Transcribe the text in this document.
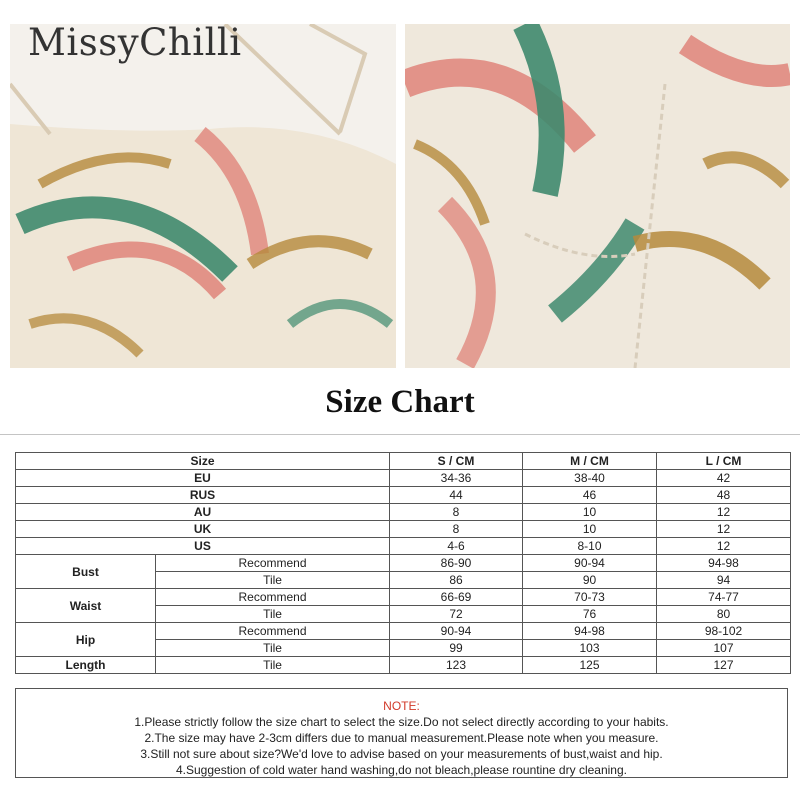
MissyChilli
Size Chart
Size		S / CM	M / CM	L / CM
EU		34-36	38-40	42
RUS		44	46	48
AU		8	10	12
UK		8	10	12
US		4-6	8-10	12
Bust	Recommend	86-90	90-94	94-98
	Tile	86	90	94
Waist	Recommend	66-69	70-73	74-77
	Tile	72	76	80
Hip	Recommend	90-94	94-98	98-102
	Tile	99	103	107
Length	Tile	123	125	127
NOTE:
1.Please strictly follow the size chart to select the size.Do not select directly according to your habits.
2.The size may have 2-3cm differs due to manual measurement.Please note when you measure.
3.Still not sure about size?We'd love to advise based on your measurements of bust,waist and hip.
4.Suggestion of cold water hand washing,do not bleach,please rountine dry cleaning.
